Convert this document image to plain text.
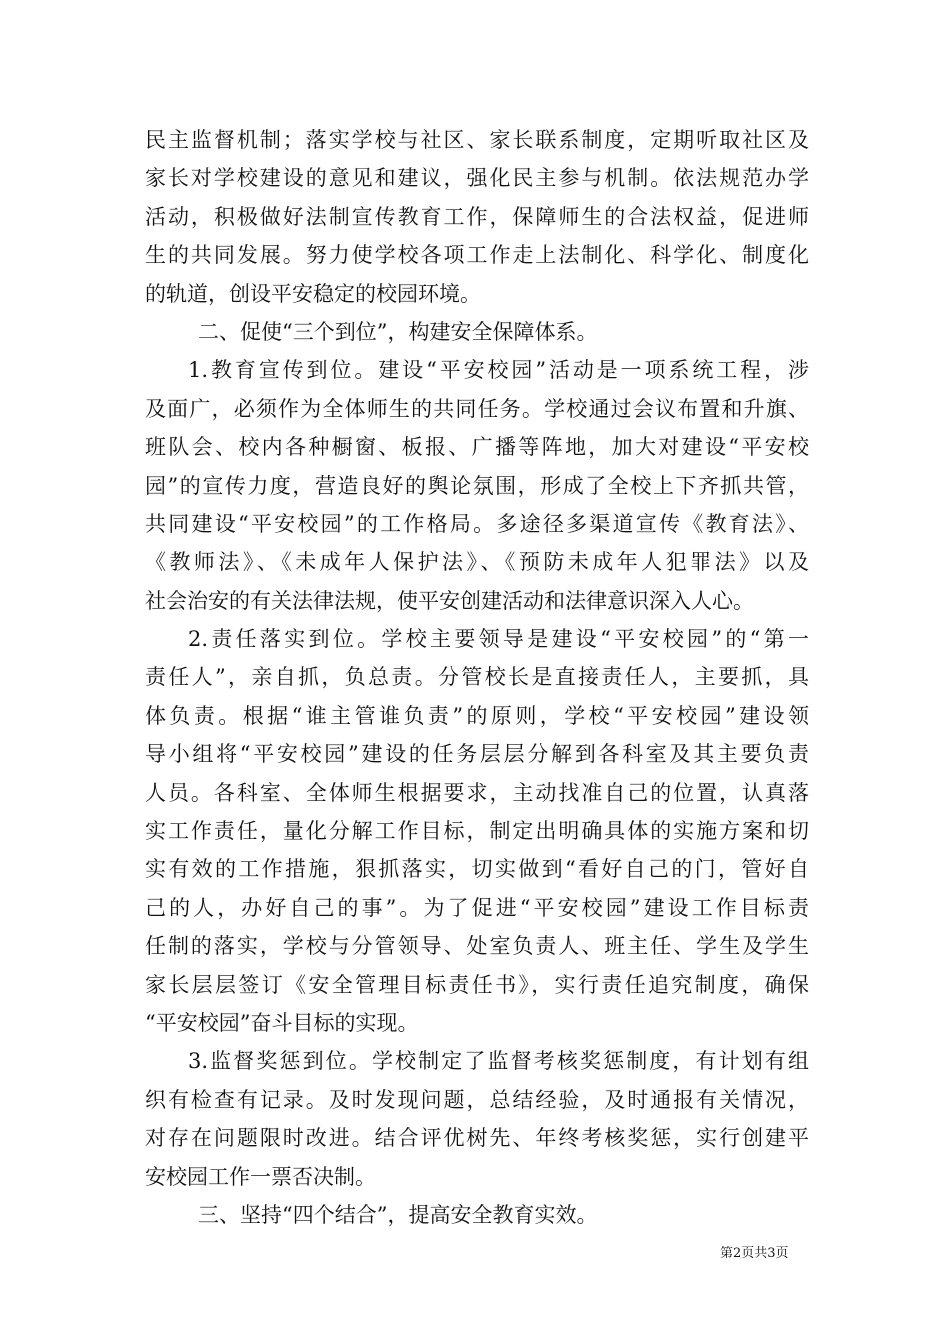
民主监督机制；落实学校与社区、家长联系制度，定期听取社区及
家长对学校建设的意见和建议，强化民主参与机制。依法规范办学
活动，积极做好法制宣传教育工作，保障师生的合法权益，促进师
生的共同发展。努力使学校各项工作走上法制化、科学化、制度化
的轨道，创设平安稳定的校园环境。
二、促使“三个到位”，构建安全保障体系。
1.教育宣传到位。建设“平安校园”活动是一项系统工程，涉
及面广，必须作为全体师生的共同任务。学校通过会议布置和升旗、
班队会、校内各种橱窗、板报、广播等阵地，加大对建设“平安校
园”的宣传力度，营造良好的舆论氛围，形成了全校上下齐抓共管，
共同建设“平安校园”的工作格局。多途径多渠道宣传《教育法》、
《教师法》、《未成年人保护法》、《预防未成年人犯罪法》以及
社会治安的有关法律法规，使平安创建活动和法律意识深入人心。
2.责任落实到位。学校主要领导是建设“平安校园”的“第一
责任人”，亲自抓，负总责。分管校长是直接责任人，主要抓，具
体负责。根据“谁主管谁负责”的原则，学校“平安校园”建设领
导小组将“平安校园”建设的任务层层分解到各科室及其主要负责
人员。各科室、全体师生根据要求，主动找准自己的位置，认真落
实工作责任，量化分解工作目标，制定出明确具体的实施方案和切
实有效的工作措施，狠抓落实，切实做到“看好自己的门，管好自
己的人，办好自己的事”。为了促进“平安校园”建设工作目标责
任制的落实，学校与分管领导、处室负责人、班主任、学生及学生
家长层层签订《安全管理目标责任书》，实行责任追究制度，确保
“平安校园”奋斗目标的实现。
3.监督奖惩到位。学校制定了监督考核奖惩制度，有计划有组
织有检查有记录。及时发现问题，总结经验，及时通报有关情况，
对存在问题限时改进。结合评优树先、年终考核奖惩，实行创建平
安校园工作一票否决制。
三、坚持“四个结合”，提高安全教育实效。
第2页共3页
